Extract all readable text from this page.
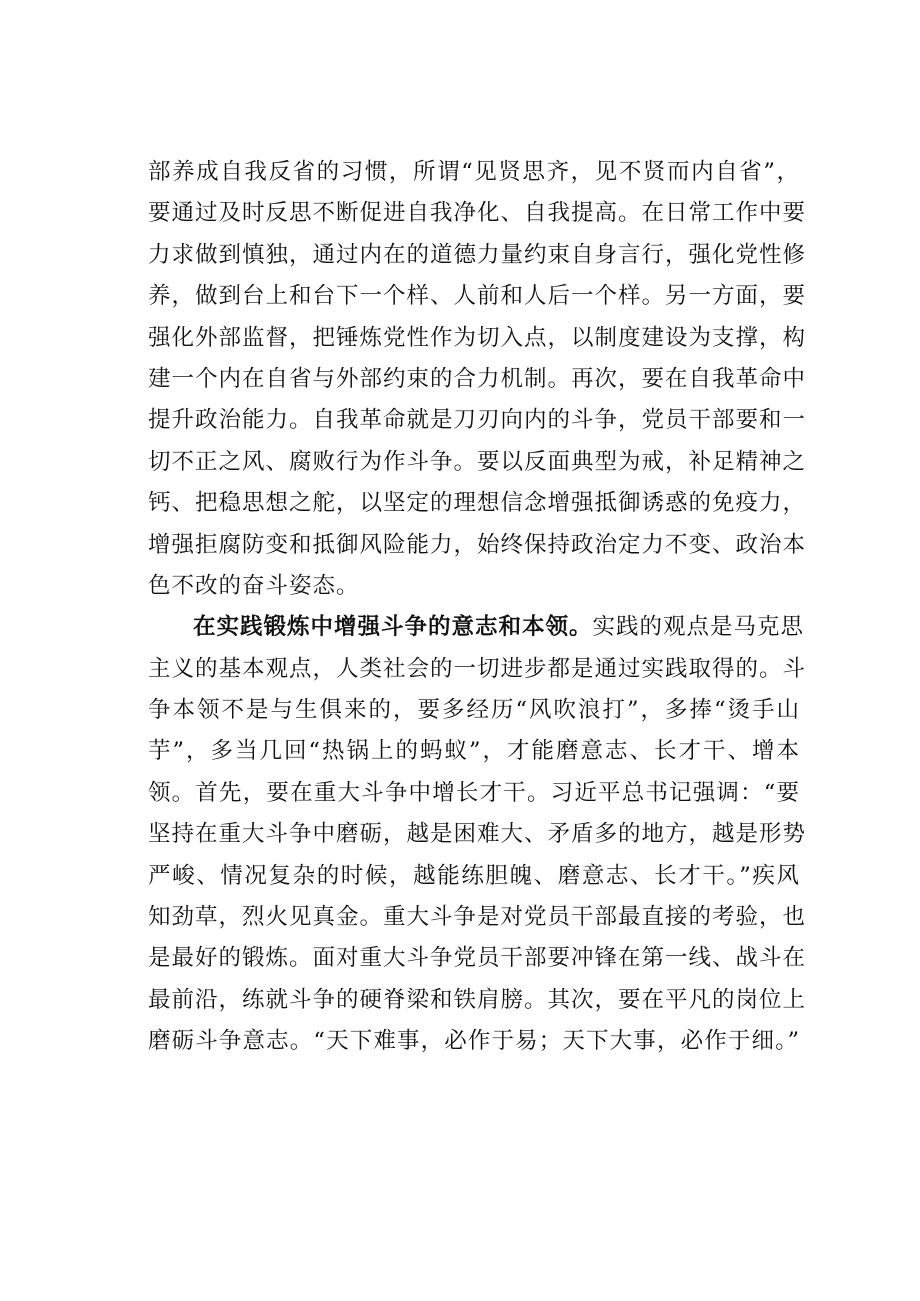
部养成自我反省的习惯，所谓“见贤思齐，见不贤而内自省”，
要通过及时反思不断促进自我净化、自我提高。在日常工作中要
力求做到慎独，通过内在的道德力量约束自身言行，强化党性修
养，做到台上和台下一个样、人前和人后一个样。另一方面，要
强化外部监督，把锤炼党性作为切入点，以制度建设为支撑，构
建一个内在自省与外部约束的合力机制。再次，要在自我革命中
提升政治能力。自我革命就是刀刃向内的斗争，党员干部要和一
切不正之风、腐败行为作斗争。要以反面典型为戒，补足精神之
钙、把稳思想之舵，以坚定的理想信念增强抵御诱惑的免疫力，
增强拒腐防变和抵御风险能力，始终保持政治定力不变、政治本
色不改的奋斗姿态。
在实践锻炼中增强斗争的意志和本领。实践的观点是马克思
主义的基本观点，人类社会的一切进步都是通过实践取得的。斗
争本领不是与生俱来的，要多经历“风吹浪打”，多捧“烫手山
芋”，多当几回“热锅上的蚂蚁”，才能磨意志、长才干、增本
领。首先，要在重大斗争中增长才干。习近平总书记强调：“要
坚持在重大斗争中磨砺，越是困难大、矛盾多的地方，越是形势
严峻、情况复杂的时候，越能练胆魄、磨意志、长才干。”疾风
知劲草，烈火见真金。重大斗争是对党员干部最直接的考验，也
是最好的锻炼。面对重大斗争党员干部要冲锋在第一线、战斗在
最前沿，练就斗争的硬脊梁和铁肩膀。其次，要在平凡的岗位上
磨砺斗争意志。“天下难事，必作于易；天下大事，必作于细。”
